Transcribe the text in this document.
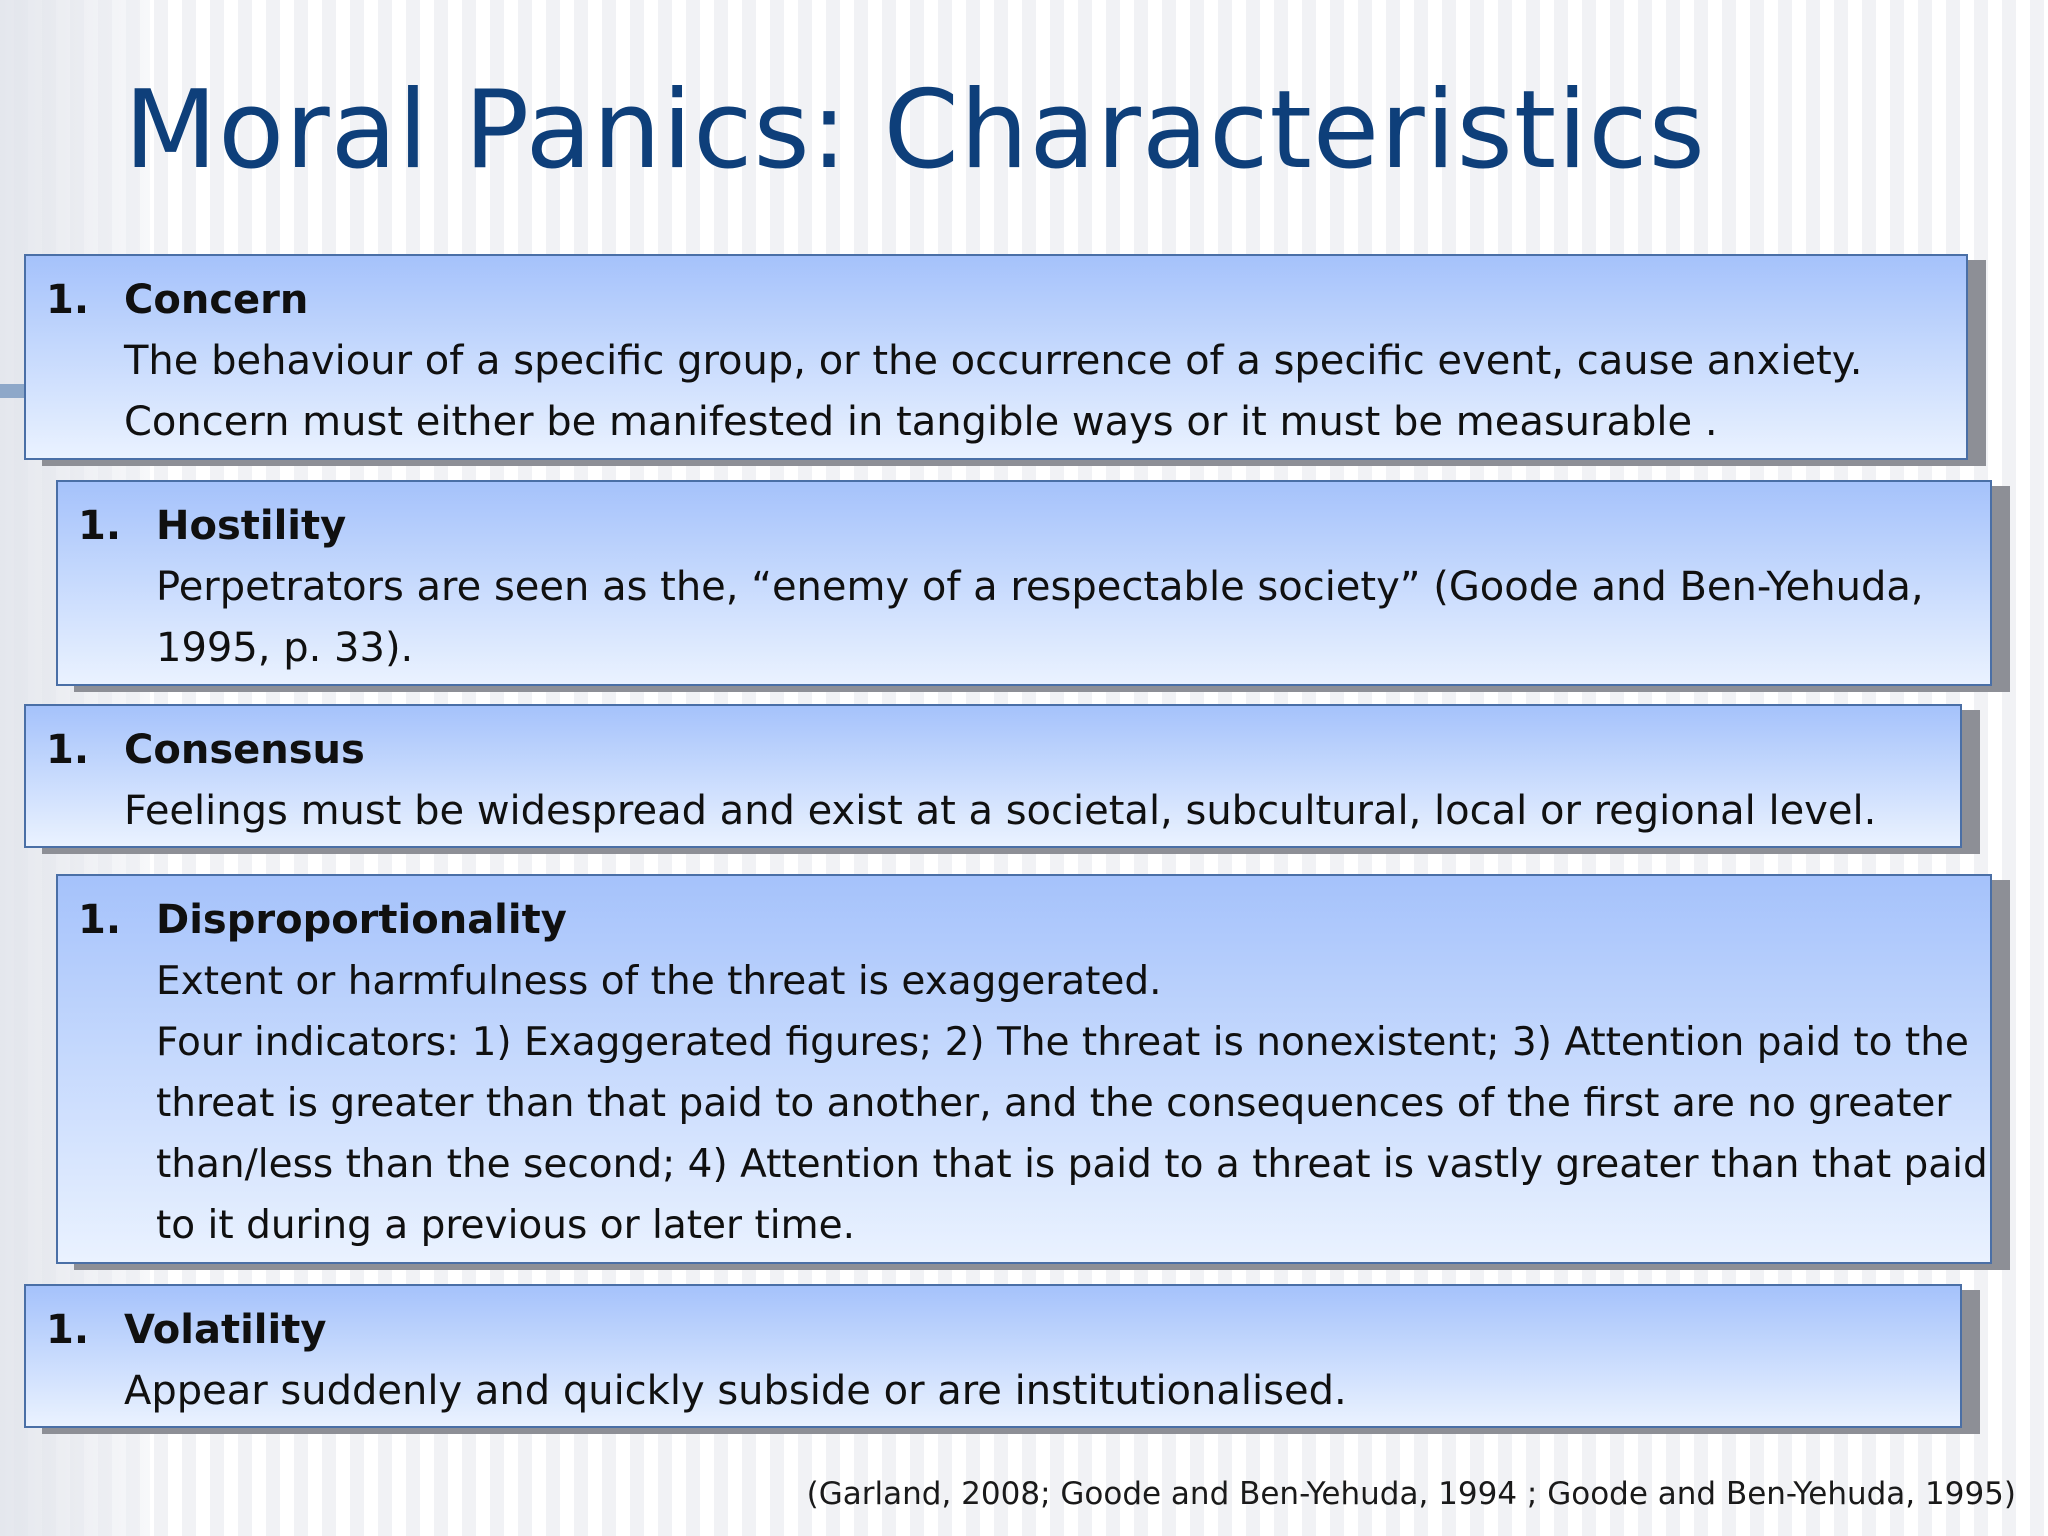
Moral Panics: Characteristics
1. Concern

The behaviour of a specific group, or the occurrence of a specific event, cause anxiety.

Concern must either be manifested in tangible ways or it must be measurable .

1. Hostility

Perpetrators are seen as the, “enemy of a respectable society” (Goode and Ben-Yehuda, 1995, p. 33).

1. Consensus

Feelings must be widespread and exist at a societal, subcultural, local or regional level.

1. Disproportionality

Extent or harmfulness of the threat is exaggerated.

Four indicators: 1) Exaggerated figures; 2) The threat is nonexistent; 3) Attention paid to the threat is greater than that paid to another, and the consequences of the first are no greater than/less than the second; 4) Attention that is paid to a threat is vastly greater than that paid to it during a previous or later time.

1. Volatility

Appear suddenly and quickly subside or are institutionalised.

(Garland, 2008; Goode and Ben-Yehuda, 1994 ; Goode and Ben-Yehuda, 1995)
